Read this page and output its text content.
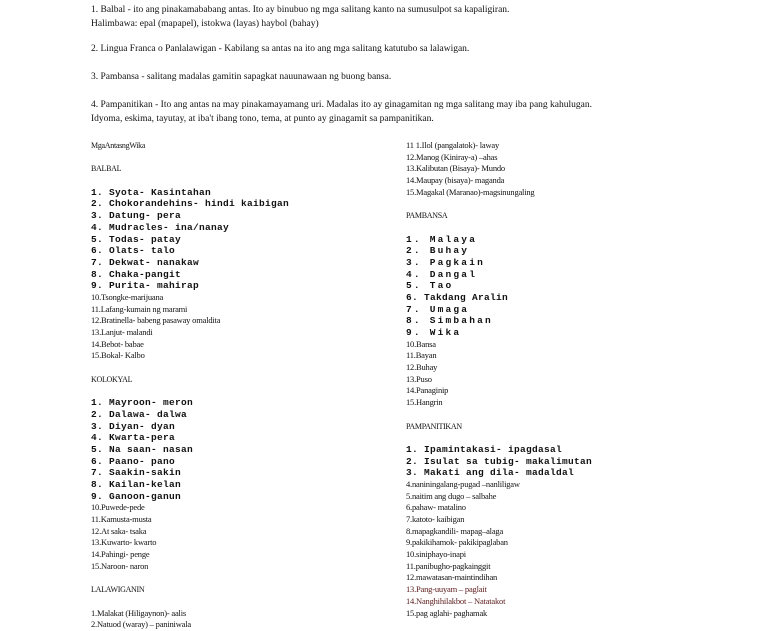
1. Balbal - ito ang pinakamababang antas. Ito ay binubuo ng mga salitang kanto na sumusulpot sa kapaligiran.
Halimbawa: epal (mapapel), istokwa (layas) haybol (bahay)
2. Lingua Franca o Panlalawigan - Kabilang sa antas na ito ang mga salitang katutubo sa lalawigan.
3. Pambansa - salitang madalas gamitin sapagkat nauunawaan ng buong bansa.
4. Pampanitikan - Ito ang antas na may pinakamayamang uri. Madalas ito ay ginagamitan ng mga salitang may iba pang kahulugan.
Idyoma, eskima, tayutay, at iba't ibang tono, tema, at punto ay ginagamit sa pampanitikan.
MgaAntasngWika
BALBAL
1. Syota- Kasintahan
2. Chokorandehins- hindi kaibigan
3. Datung- pera
4. Mudracles- ina/nanay
5. Todas- patay
6. Olats- talo
7. Dekwat- nanakaw
8. Chaka-pangit
9. Purita- mahirap
10.Tsongke-marijuana
11.Lafang-kumain ng marami
12.Bratinella- babeng pasaway omaldita
13.Lanjut- malandi
14.Bebot- babae
15.Bokal- Kalbo
KOLOKYAL
1. Mayroon- meron
2. Dalawa- dalwa
3. Diyan- dyan
4. Kwarta-pera
5. Na saan- nasan
6. Paano- pano
7. Saakin-sakin
8. Kailan-kelan
9. Ganoon-ganun
10.Puwede-pede
11.Kamusta-musta
12.At saka- tsaka
13.Kuwarto- kwarto
14.Pahingi- penge
15.Naroon- naron
LALAWIGANIN
1.Malakat (Hiligaynon)- aalis
2.Natuod (waray) – paniniwala
11 1.Ilol (pangalatok)- laway
12.Manog (Kiniray-a) –ahas
13.Kalibutan (Bisaya)- Mundo
14.Maupay (bisaya)- maganda
15.Magakal (Maranao)-magsinungaling
PAMBANSA
1. Malaya
2. Buhay
3. Pagkain
4. Dangal
5. Tao
6. Takdang Aralin
7. Umaga
8. Simbahan
9. Wika
10.Bansa
11.Bayan
12.Buhay
13.Puso
14.Panaginip
15.Hangrin
PAMPANITIKAN
1. Ipamintakasi- ipagdasal
2. Isulat sa tubig- makalimutan
3. Makati ang dila- madaldal
4.naniningalang-pugad –nanliligaw
5.naitim ang dugo – salbahe
6.pahaw- matalino
7.katoto- kaibigan
8.mapagkandili- mapag–alaga
9.pakikihamok- pakikipaglaban
10.siniphayo-inapi
11.panibugho-pagkainggit
12.mawatasan-maintindihan
13.Pang-uuyam – paglait
14.Nanghihilakbot – Natatakot
15.pag aglahi- paghamak
